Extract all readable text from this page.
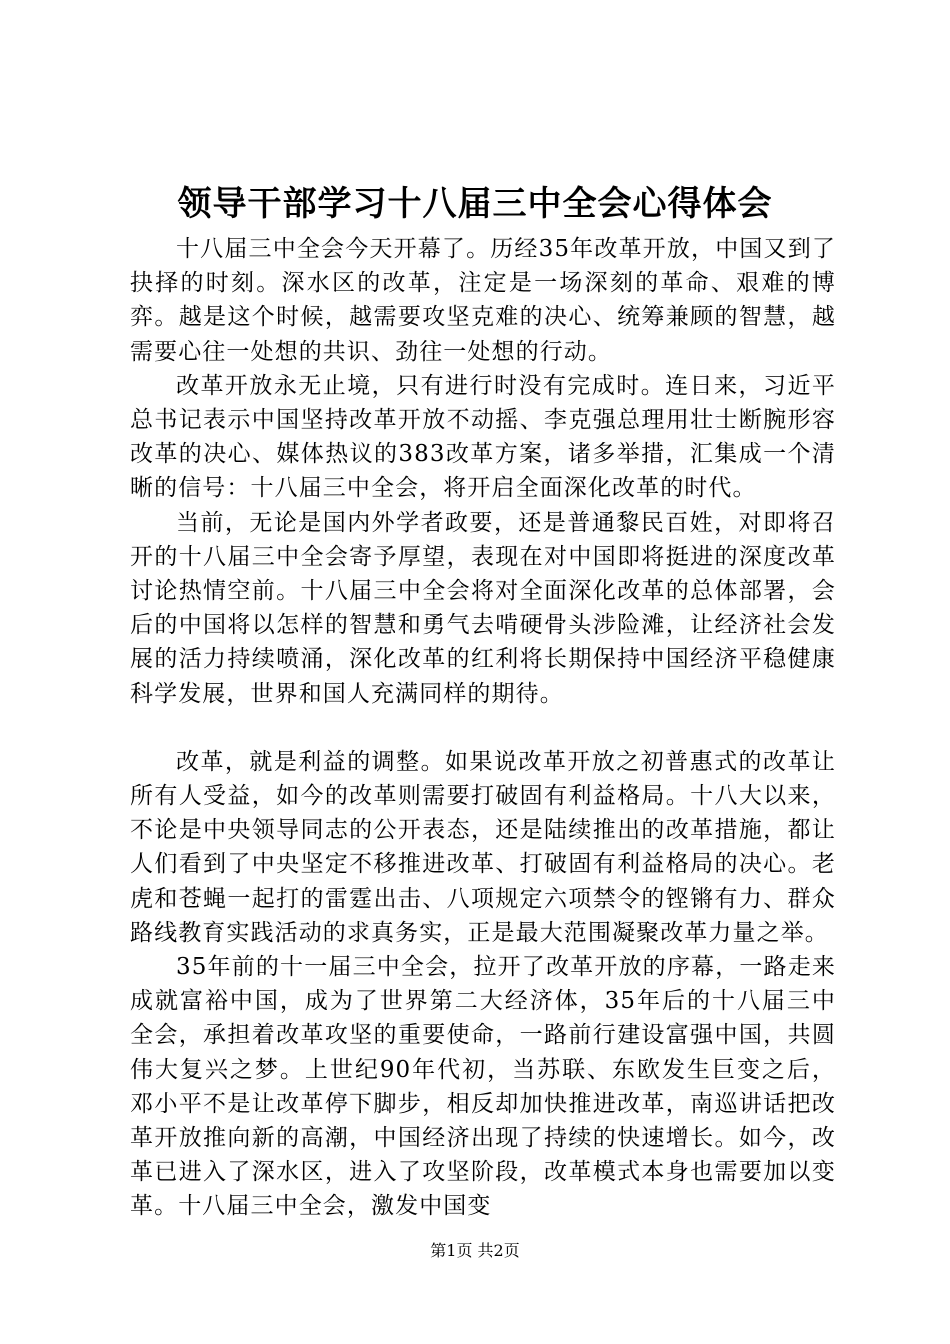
领导干部学习十八届三中全会心得体会

十八届三中全会今天开幕了。历经35年改革开放，中国又到了抉择的时刻。深水区的改革，注定是一场深刻的革命、艰难的博弈。越是这个时候，越需要攻坚克难的决心、统筹兼顾的智慧，越需要心往一处想的共识、劲往一处想的行动。

改革开放永无止境，只有进行时没有完成时。连日来，习近平总书记表示中国坚持改革开放不动摇、李克强总理用壮士断腕形容改革的决心、媒体热议的383改革方案，诸多举措，汇集成一个清晰的信号：十八届三中全会，将开启全面深化改革的时代。

当前，无论是国内外学者政要，还是普通黎民百姓，对即将召开的十八届三中全会寄予厚望，表现在对中国即将挺进的深度改革讨论热情空前。十八届三中全会将对全面深化改革的总体部署，会后的中国将以怎样的智慧和勇气去啃硬骨头涉险滩，让经济社会发展的活力持续喷涌，深化改革的红利将长期保持中国经济平稳健康科学发展，世界和国人充满同样的期待。

改革，就是利益的调整。如果说改革开放之初普惠式的改革让所有人受益，如今的改革则需要打破固有利益格局。十八大以来，不论是中央领导同志的公开表态，还是陆续推出的改革措施，都让人们看到了中央坚定不移推进改革、打破固有利益格局的决心。老虎和苍蝇一起打的雷霆出击、八项规定六项禁令的铿锵有力、群众路线教育实践活动的求真务实，正是最大范围凝聚改革力量之举。

35年前的十一届三中全会，拉开了改革开放的序幕，一路走来成就富裕中国，成为了世界第二大经济体，35年后的十八届三中全会，承担着改革攻坚的重要使命，一路前行建设富强中国，共圆伟大复兴之梦。上世纪90年代初，当苏联、东欧发生巨变之后，邓小平不是让改革停下脚步，相反却加快推进改革，南巡讲话把改革开放推向新的高潮，中国经济出现了持续的快速增长。如今，改革已进入了深水区，进入了攻坚阶段，改革模式本身也需要加以变革。十八届三中全会，激发中国变

第1页 共2页
